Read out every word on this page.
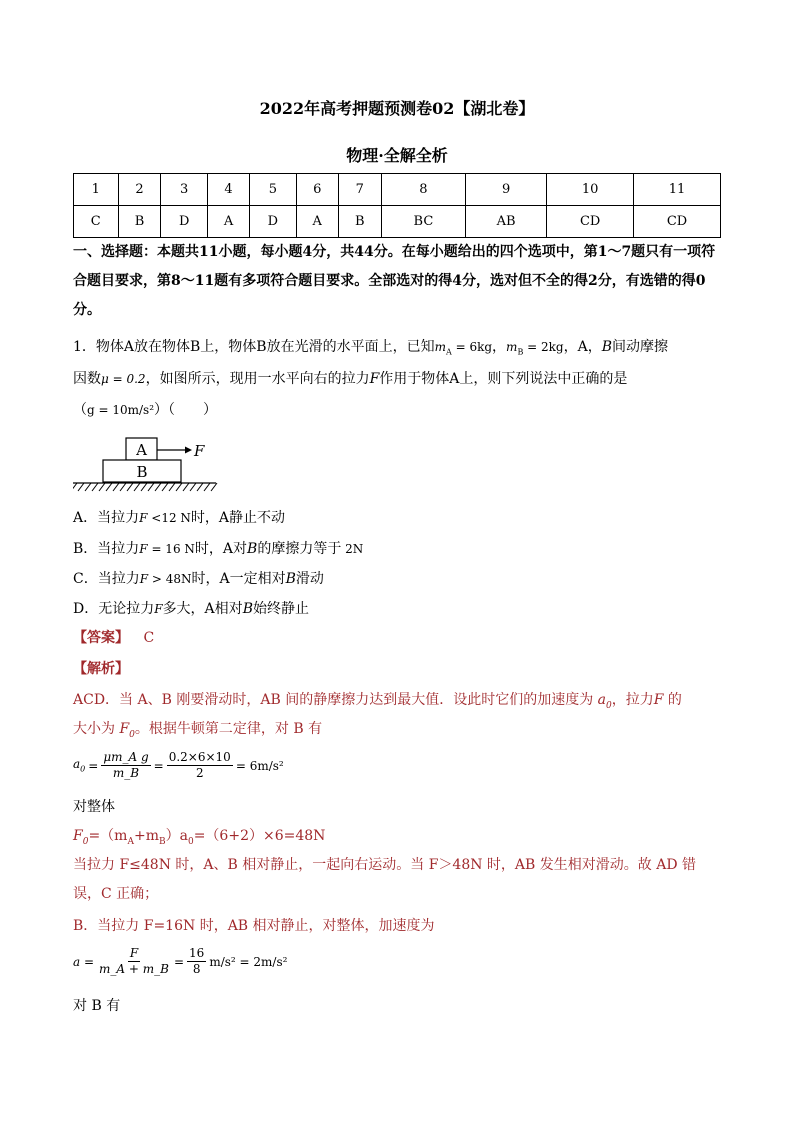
2022年高考押题预测卷02【湖北卷】
物理·全解全析
1	2	3	4	5	6	7	8	9	10	11
C	B	D	A	D	A	B	BC	AB	CD	CD
一、选择题：本题共11小题，每小题4分，共44分。在每小题给出的四个选项中，第1～7题只有一项符合题目要求，第8～11题有多项符合题目要求。全部选对的得4分，选对但不全的得2分，有选错的得0分。
1．物体A放在物体B上，物体B放在光滑的水平面上，已知$m_A = 6kg$，$m_B = 2kg$，A，B间动摩擦
因数μ = 0.2，如图所示，现用一水平向右的拉力F作用于物体A上，则下列说法中正确的是
（g = 10m/s²）（　　）
A
B
F
A．当拉力F <12 N时，A静止不动
B．当拉力F = 16 N时，A对B的摩擦力等于 2N
C．当拉力F > 48N时，A一定相对B滑动
D．无论拉力F多大，A相对B始终静止
【答案】 C
【解析】
ACD．当 A、B 刚要滑动时，AB 间的静摩擦力达到最大值．设此时它们的加速度为 $a_0$，拉力F 的
大小为 $F_0$。根据牛顿第二定律，对 B 有
$a_0 = \frac{\text{μm\_A g}}{m\_B} = \frac{0.2\times 6\times 10}{2} = 6m/s^2$
对整体
$F_0=(m_A+m_B)a_0=(6+2)\times 6=48N$
当拉力 F≤48N 时，A、B 相对静止，一起向右运动。当 F＞48N 时，AB 发生相对滑动。故 AD 错
误，C 正确；
B．当拉力 F=16N 时，AB 相对静止，对整体，加速度为
$a = \frac{F}{m\_A + m\_B} = \frac{16}{8} m/s^2 = 2m/s^2$
对 B 有
